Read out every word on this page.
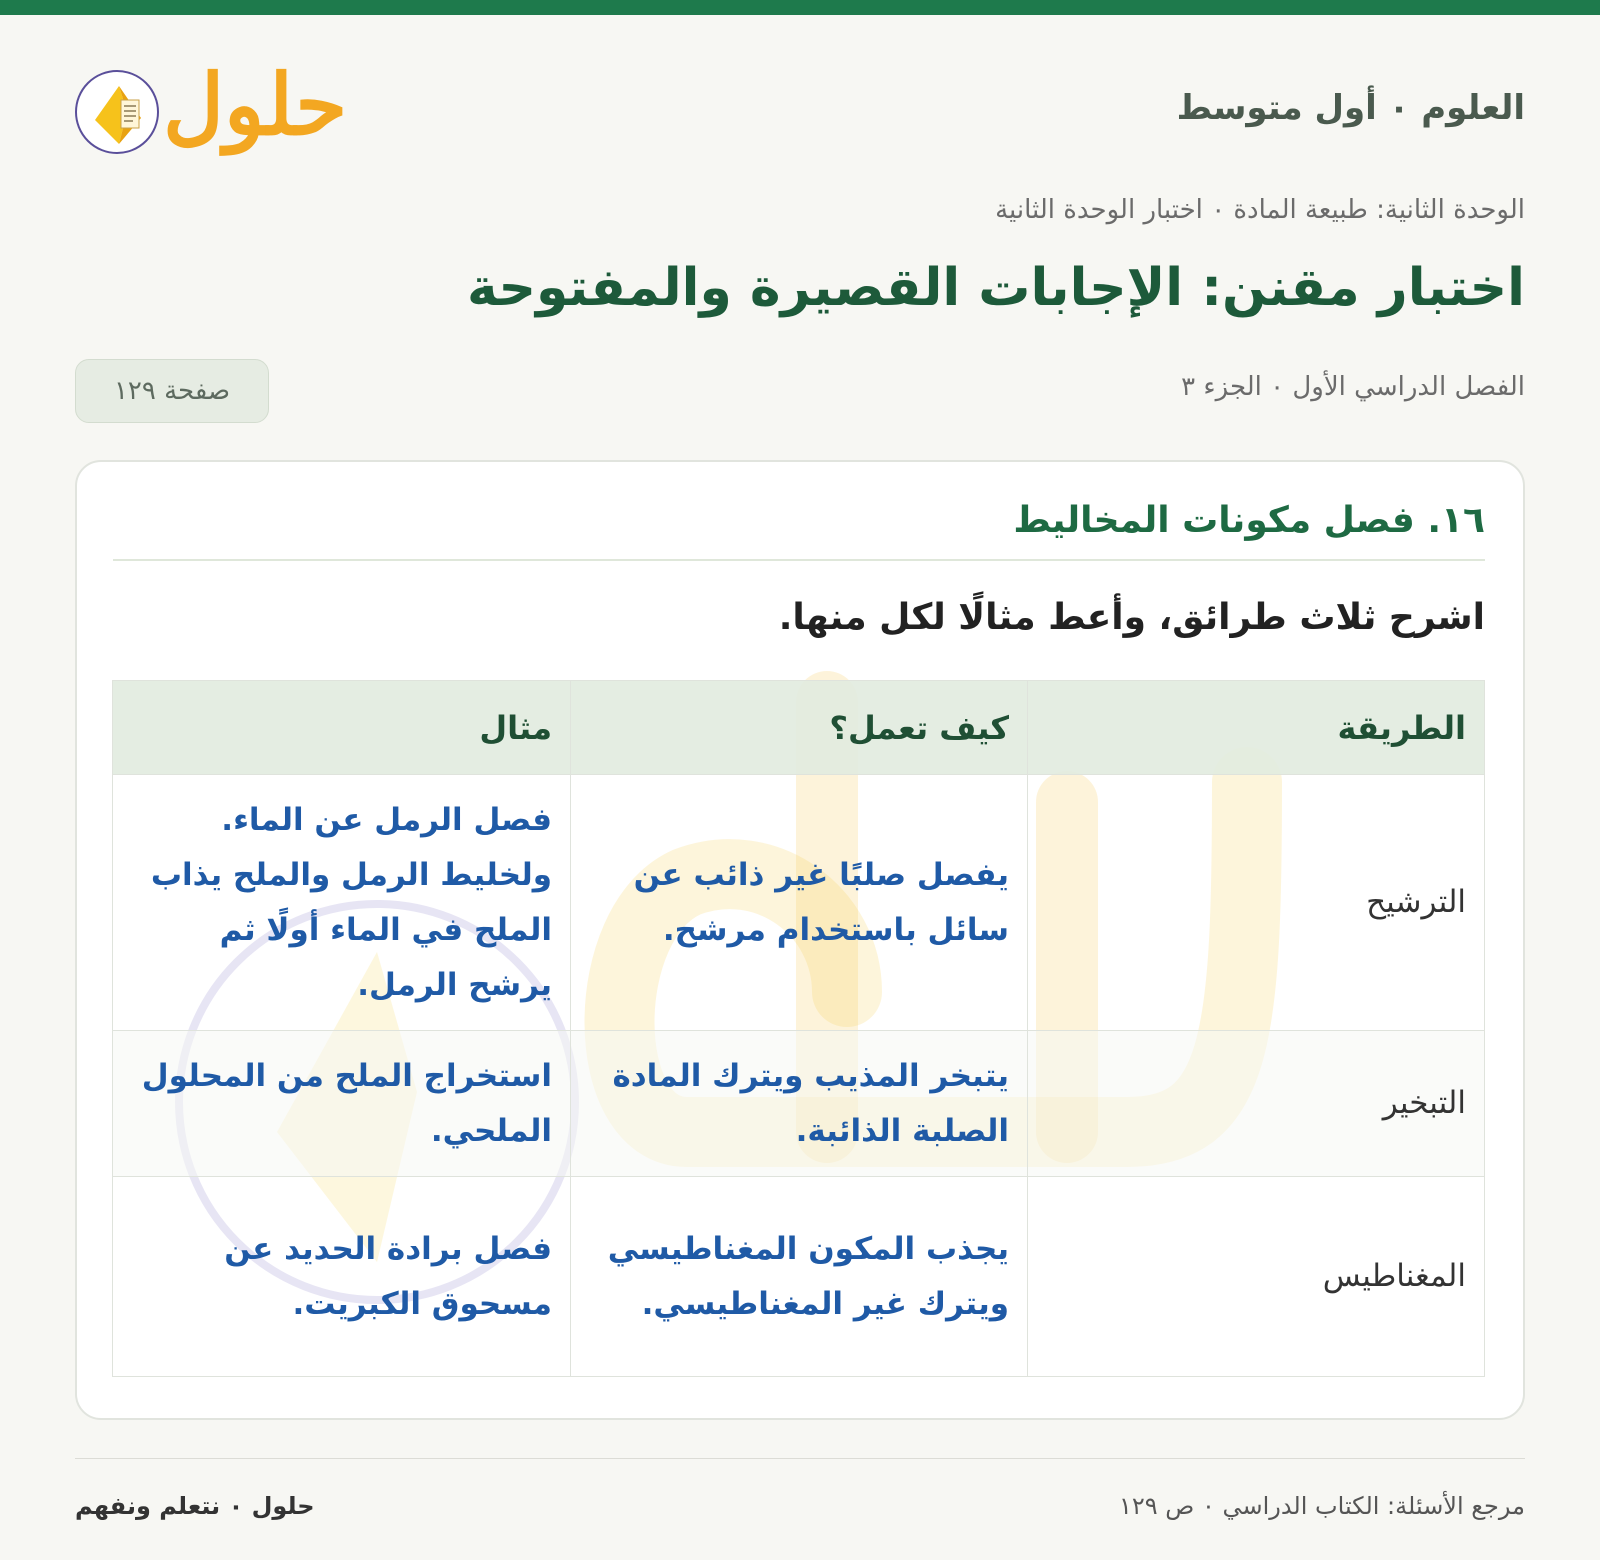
العلوم ٠ أول متوسط
حلول
الوحدة الثانية: طبيعة المادة ٠ اختبار الوحدة الثانية
اختبار مقنن: الإجابات القصيرة والمفتوحة
الفصل الدراسي الأول ٠ الجزء ٣
صفحة ١٢٩
١٦. فصل مكونات المخاليط
اشرح ثلاث طرائق، وأعط مثالًا لكل منها.
الطريقة	كيف تعمل؟	مثال
الترشيح	يفصل صلبًا غير ذائب عن سائل باستخدام مرشح.	فصل الرمل عن الماء. ولخليط الرمل والملح يذاب الملح في الماء أولًا ثم يرشح الرمل.
التبخير	يتبخر المذيب ويترك المادة الصلبة الذائبة.	استخراج الملح من المحلول الملحي.
المغناطيس	يجذب المكون المغناطيسي ويترك غير المغناطيسي.	فصل برادة الحديد عن مسحوق الكبريت.
مرجع الأسئلة: الكتاب الدراسي ٠ ص ١٢٩
حلول ٠ نتعلم ونفهم
